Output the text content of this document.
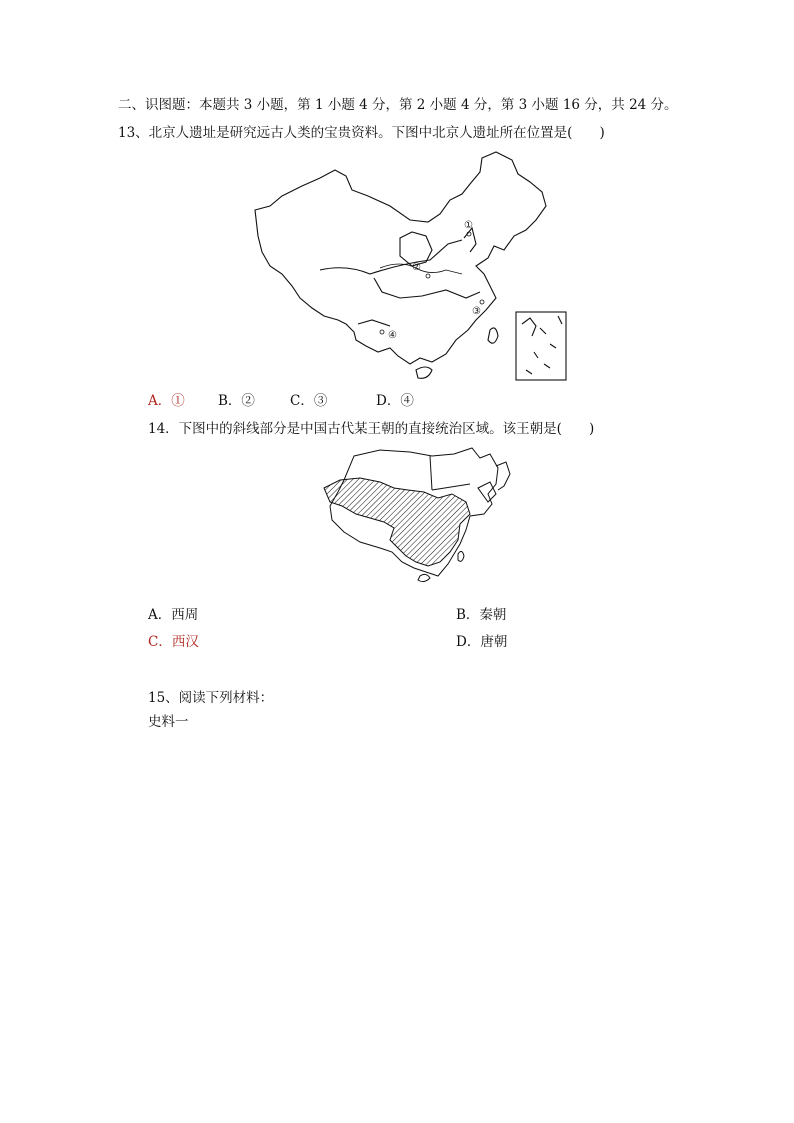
二、识图题：本题共 3 小题，第 1 小题 4 分，第 2 小题 4 分，第 3 小题 16 分，共 24 分。
13、北京人遗址是研究远古人类的宝贵资料。下图中北京人遗址所在位置是(　　)
①
②
③
④
A．① B．②	C．③	D．④
14．下图中的斜线部分是中国古代某王朝的直接统治区域。该王朝是(　　)
A．西周	B．秦朝
C．西汉	D．唐朝
15、阅读下列材料：
史料一
